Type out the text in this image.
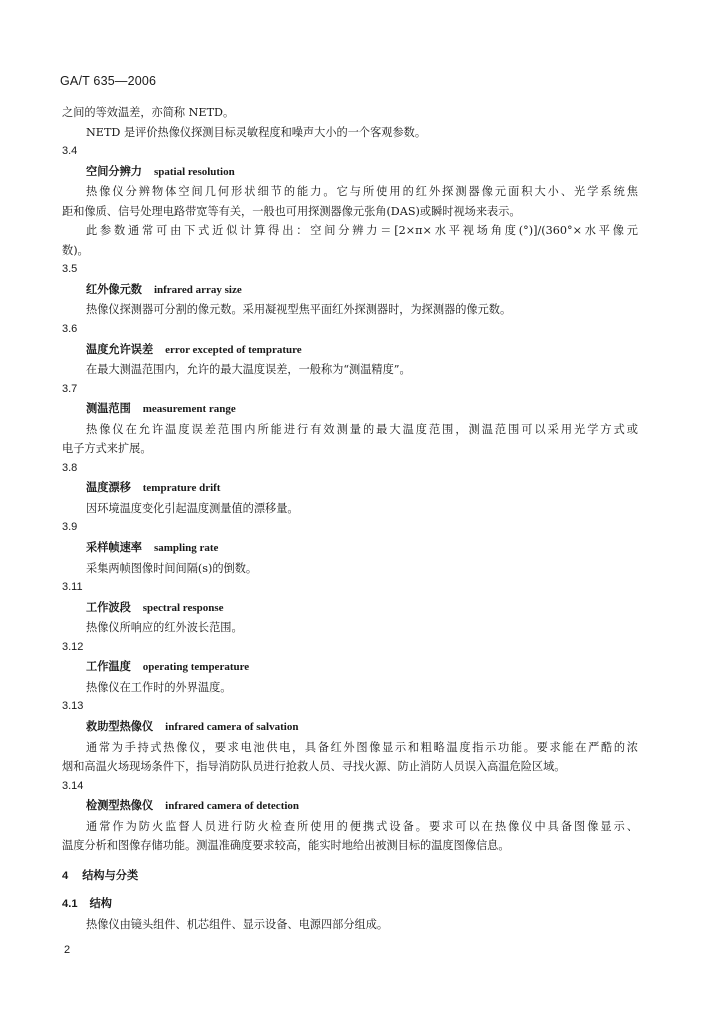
GA/T 635—2006
之间的等效温差，亦简称 NETD。
NETD 是评价热像仪探测目标灵敏程度和噪声大小的一个客观参数。
3.4
空间分辨力 spatial resolution
热像仪分辨物体空间几何形状细节的能力。它与所使用的红外探测器像元面积大小、光学系统焦
距和像质、信号处理电路带宽等有关，一般也可用探测器像元张角(DAS)或瞬时视场来表示。
此参数通常可由下式近似计算得出：空间分辨力＝[2×π×水平视场角度(°)]/(360°×水平像元
数)。
3.5
红外像元数 infrared array size
热像仪探测器可分割的像元数。采用凝视型焦平面红外探测器时，为探测器的像元数。
3.6
温度允许误差 error excepted of temprature
在最大测温范围内，允许的最大温度误差，一般称为“测温精度”。
3.7
测温范围 measurement range
热像仪在允许温度误差范围内所能进行有效测量的最大温度范围，测温范围可以采用光学方式或
电子方式来扩展。
3.8
温度漂移 temprature drift
因环境温度变化引起温度测量值的漂移量。
3.9
采样帧速率 sampling rate
采集两帧图像时间间隔(s)的倒数。
3.11
工作波段 spectral response
热像仪所响应的红外波长范围。
3.12
工作温度 operating temperature
热像仪在工作时的外界温度。
3.13
救助型热像仪 infrared camera of salvation
通常为手持式热像仪，要求电池供电，具备红外图像显示和粗略温度指示功能。要求能在严酷的浓
烟和高温火场现场条件下，指导消防队员进行抢救人员、寻找火源、防止消防人员误入高温危险区域。
3.14
检测型热像仪 infrared camera of detection
通常作为防火监督人员进行防火检查所使用的便携式设备。要求可以在热像仪中具备图像显示、
温度分析和图像存储功能。测温准确度要求较高，能实时地给出被测目标的温度图像信息。
4 结构与分类
4.1 结构
热像仪由镜头组件、机芯组件、显示设备、电源四部分组成。
2
